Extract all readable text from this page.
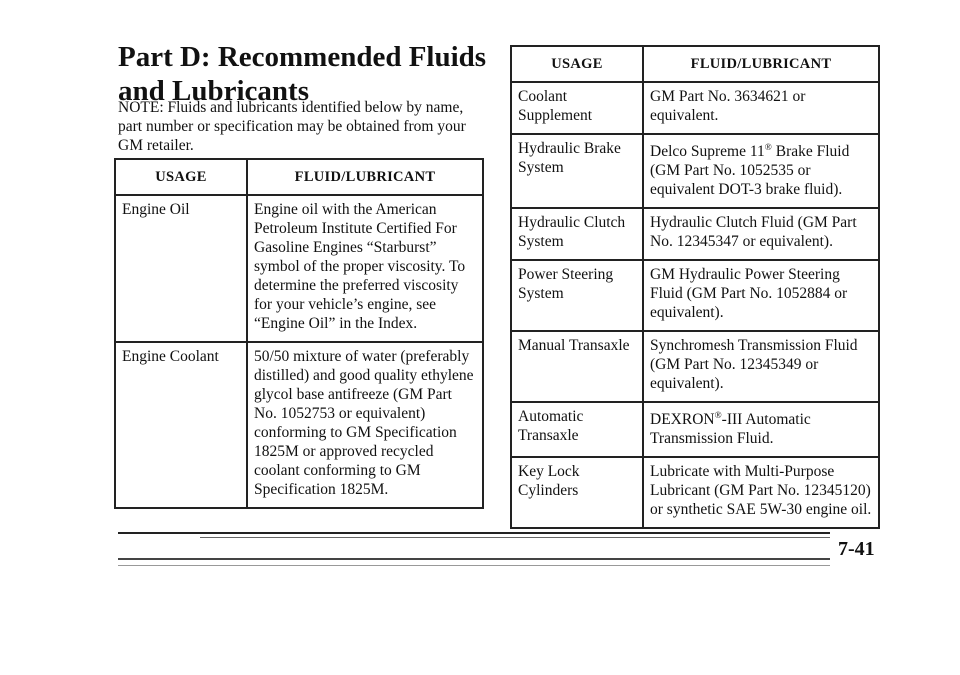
Part D: Recommended Fluids and Lubricants

NOTE: Fluids and lubricants identified below by name, part number or specification may be obtained from your GM retailer.

USAGE	FLUID/LUBRICANT
Engine Oil	Engine oil with the American Petroleum Institute Certified For Gasoline Engines “Starburst” symbol of the proper viscosity. To determine the preferred viscosity for your vehicle’s engine, see “Engine Oil” in the Index.
Engine Coolant	50/50 mixture of water (preferably distilled) and good quality ethylene glycol base antifreeze (GM Part No. 1052753 or equivalent) conforming to GM Specification 1825M or approved recycled coolant conforming to GM Specification 1825M.
USAGE	FLUID/LUBRICANT
Coolant Supplement	GM Part No. 3634621 or equivalent.
Hydraulic Brake System	Delco Supreme 11® Brake Fluid (GM Part No. 1052535 or equivalent DOT-3 brake fluid).
Hydraulic Clutch System	Hydraulic Clutch Fluid (GM Part No. 12345347 or equivalent).
Power Steering System	GM Hydraulic Power Steering Fluid (GM Part No. 1052884 or equivalent).
Manual Transaxle	Synchromesh Transmission Fluid (GM Part No. 12345349 or equivalent).
Automatic Transaxle	DEXRON®-III Automatic Transmission Fluid.
Key Lock Cylinders	Lubricate with Multi-Purpose Lubricant (GM Part No. 12345120) or synthetic SAE 5W-30 engine oil.
7-41
